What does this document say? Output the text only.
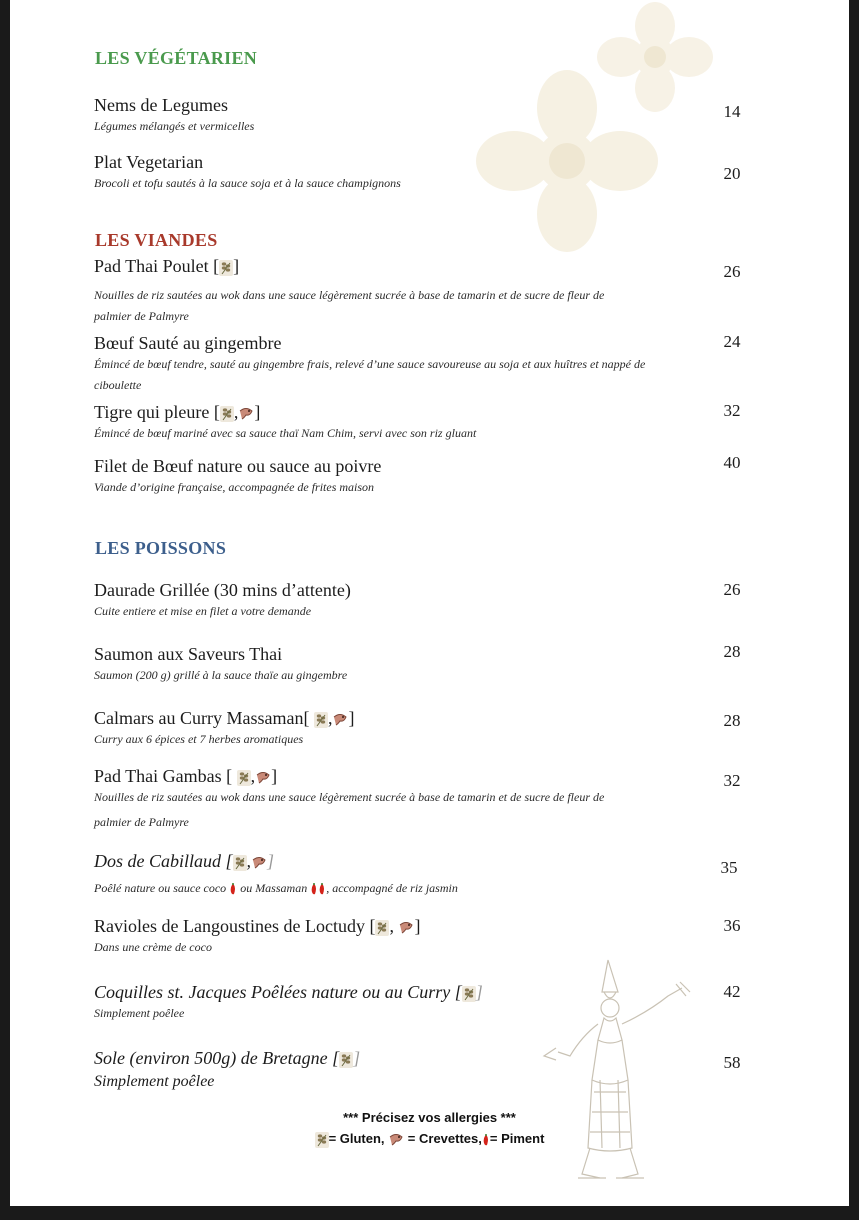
LES VÉGÉTARIEN
Nems de Legumes
Légumes mélangés et vermicelles
14
Plat Vegetarian
Brocoli et tofu sautés à la sauce soja et à la sauce champignons	20
LES VIANDES
Pad Thai Poulet [ ]
Nouilles de riz sautées au wok dans une sauce légèrement sucrée à base de tamarin et de sucre de fleur de
palmier de Palmyre
26
Bœuf Sauté au gingembre
Émincé de bœuf tendre, sauté au gingembre frais, relevé d’une sauce savoureuse au soja et aux huîtres et nappé de
ciboulette
24
Tigre qui pleure [ , ]
Émincé de bœuf mariné avec sa sauce thaï Nam Chim, servi avec son riz gluant
32
Filet de Bœuf nature ou sauce au poivre
Viande d’origine française, accompagnée de frites maison
40
LES POISSONS
Daurade Grillée (30 mins d’attente)
Cuite entiere et mise en filet a votre demande
26
Saumon aux Saveurs Thai
Saumon (200 g) grillé à la sauce thaïe au gingembre
28
Calmars au Curry Massaman[ , ]
Curry aux 6 épices et 7 herbes aromatiques
28
Pad Thai Gambas [ , ]
Nouilles de riz sautées au wok dans une sauce légèrement sucrée à base de tamarin et de sucre de fleur de
palmier de Palmyre
32
Dos de Cabillaud [ , ]
Poêlé nature ou sauce coco ou Massaman , accompagné de riz jasmin
35
Ravioles de Langoustines de Loctudy [ , ]
Dans une crème de coco
36
Coquilles st. Jacques Poêlées nature ou au Curry [ ]
Simplement poêlee
42
Sole (environ 500g) de Bretagne [ ]
Simplement poêlee
58
*** Précisez vos allergies ***
= Gluten, = Crevettes, = Piment
